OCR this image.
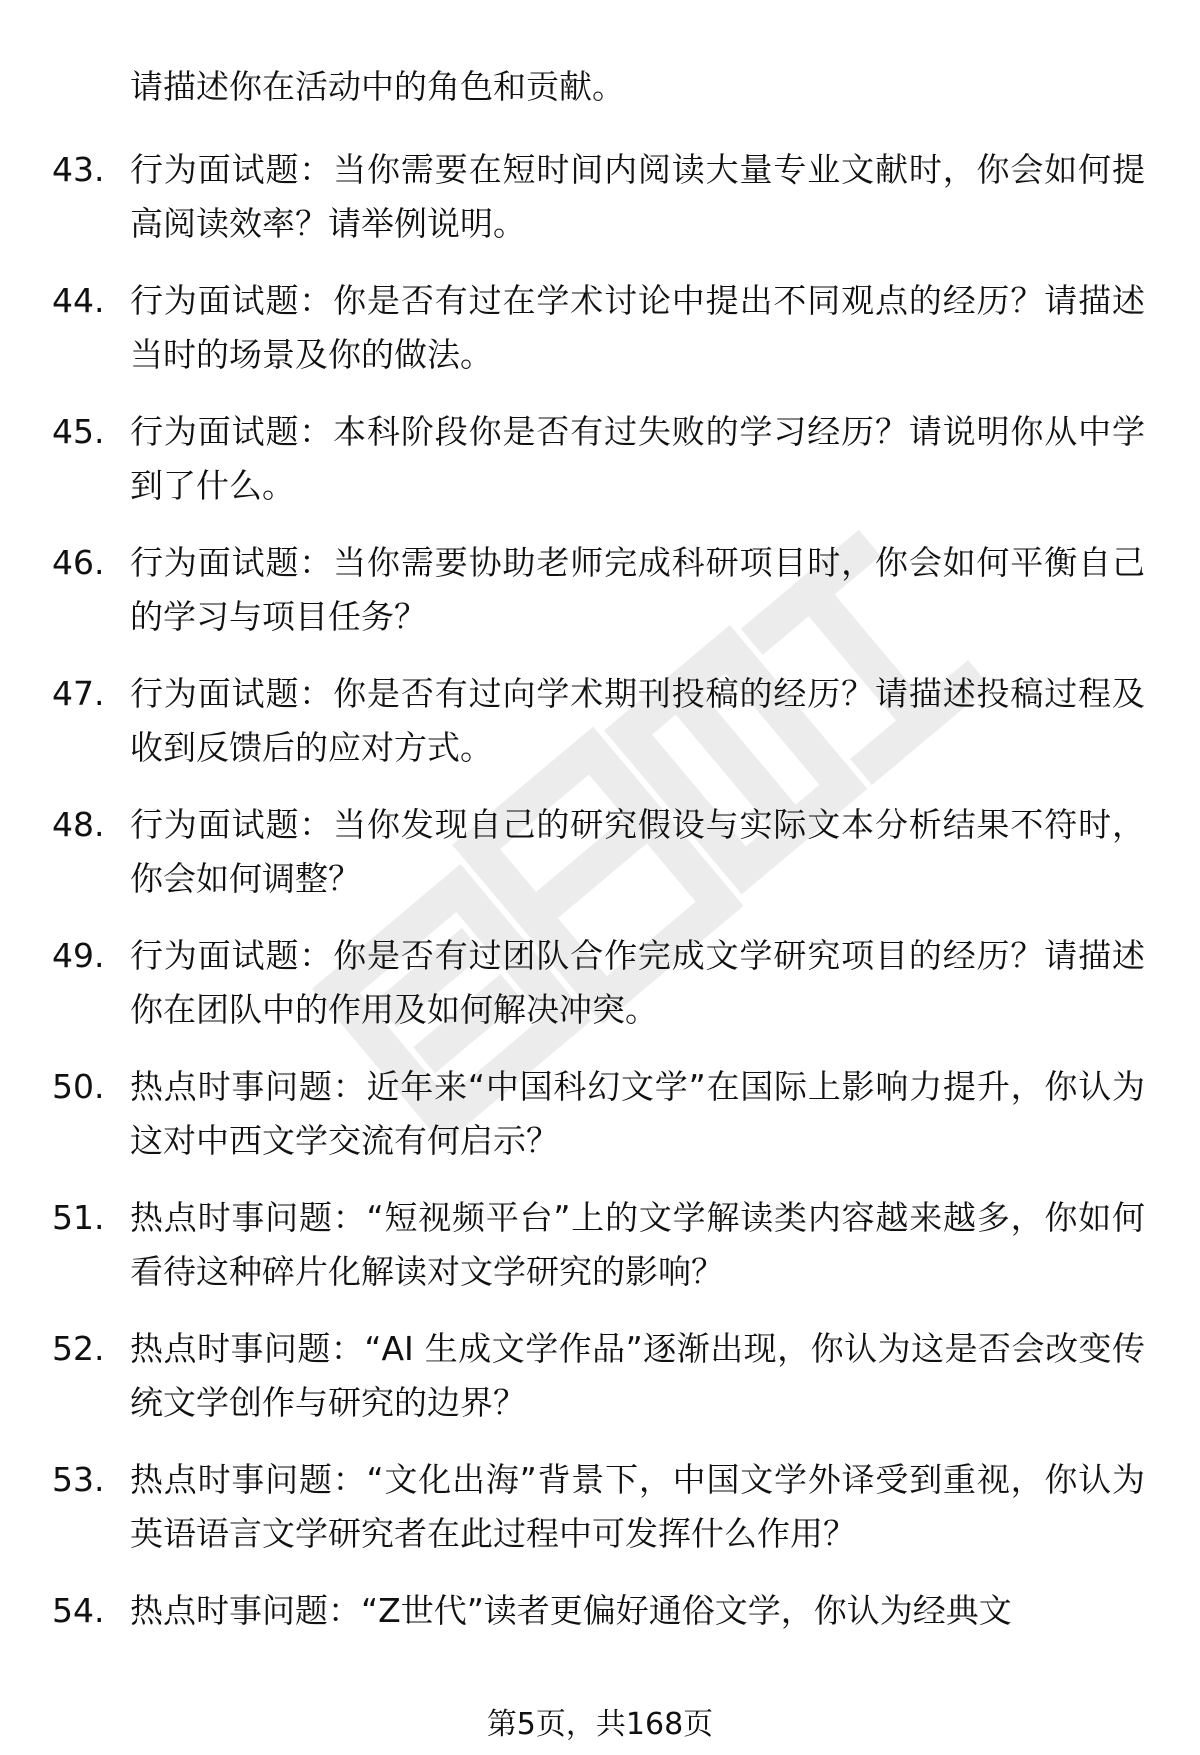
请描述你在活动中的角色和贡献。

43. 行为面试题：当你需要在短时间内阅读大量专业文献时，你会如何提高阅读效率？请举例说明。
44. 行为面试题：你是否有过在学术讨论中提出不同观点的经历？请描述当时的场景及你的做法。
45. 行为面试题：本科阶段你是否有过失败的学习经历？请说明你从中学到了什么。
46. 行为面试题：当你需要协助老师完成科研项目时，你会如何平衡自己的学习与项目任务？
47. 行为面试题：你是否有过向学术期刊投稿的经历？请描述投稿过程及收到反馈后的应对方式。
48. 行为面试题：当你发现自己的研究假设与实际文本分析结果不符时，你会如何调整？
49. 行为面试题：你是否有过团队合作完成文学研究项目的经历？请描述你在团队中的作用及如何解决冲突。
50. 热点时事问题：近年来“中国科幻文学”在国际上影响力提升，你认为这对中西文学交流有何启示？
51. 热点时事问题：“短视频平台”上的文学解读类内容越来越多，你如何看待这种碎片化解读对文学研究的影响？
52. 热点时事问题：“AI 生成文学作品”逐渐出现，你认为这是否会改变传统文学创作与研究的边界？
53. 热点时事问题：“文化出海”背景下，中国文学外译受到重视，你认为英语语言文学研究者在此过程中可发挥什么作用？
54. 热点时事问题：“Z世代”读者更偏好通俗文学，你认为经典文
第5页，共168页
